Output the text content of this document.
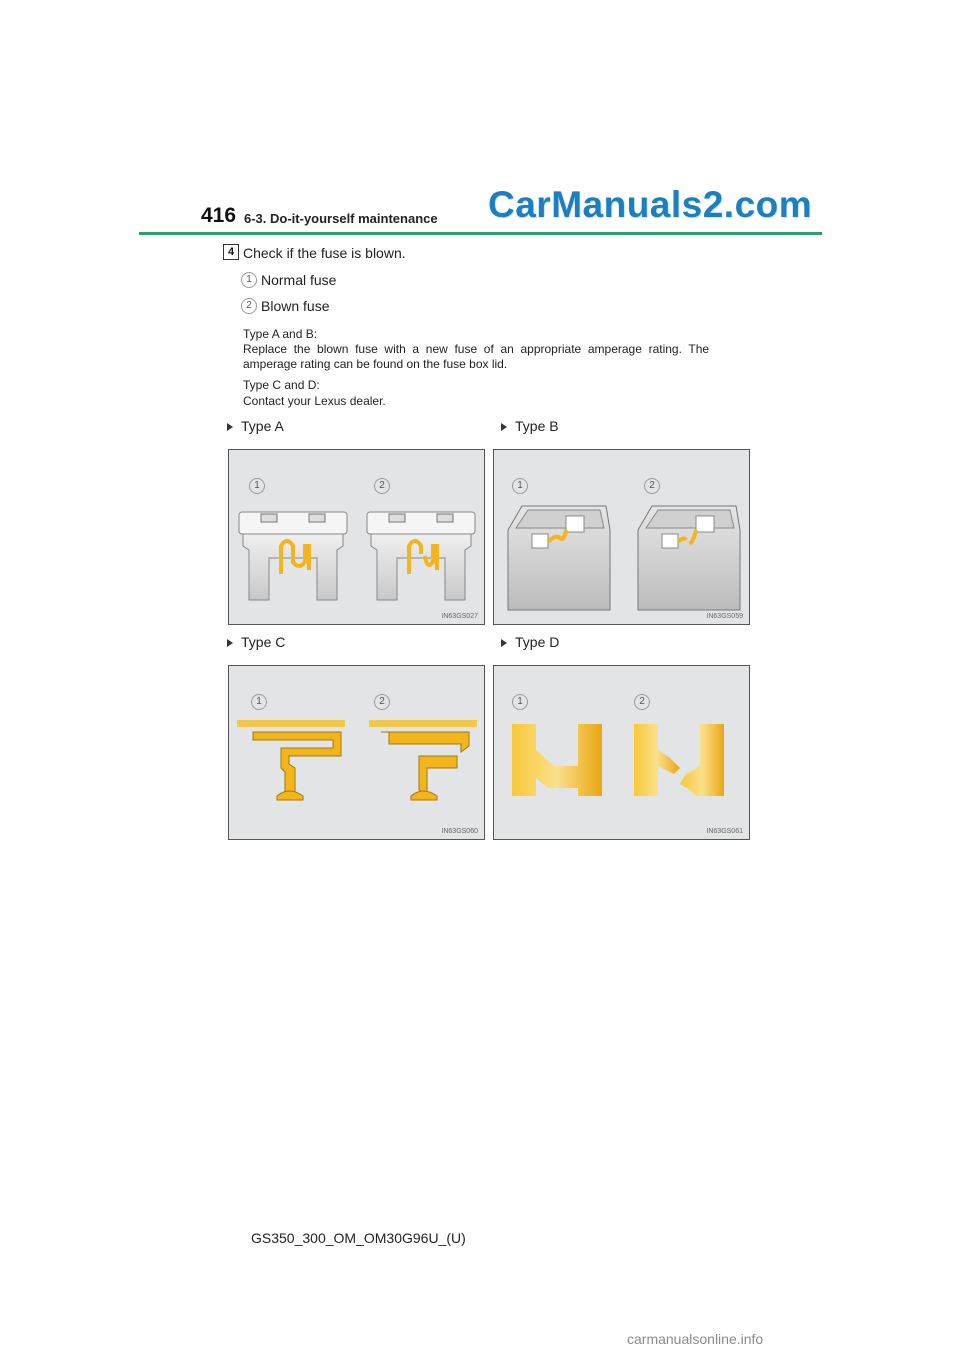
416 6-3. Do-it-yourself maintenance CarManuals2.com
4 Check if the fuse is blown.
1 Normal fuse
2 Blown fuse
Type A and B:
Replace  the  blown  fuse  with  a  new  fuse  of  an  appropriate  amperage  rating.  The
amperage rating can be found on the fuse box lid.
Type C and D:
Contact your Lexus dealer.
Type A	Type B
1	2
IN63GS027
1	2
IN63GS059
Type C	Type D
1	2
IN63GS060
1	2
IN63GS061
GS350_300_OM_OM30G96U_(U)
carmanualsonline.info
